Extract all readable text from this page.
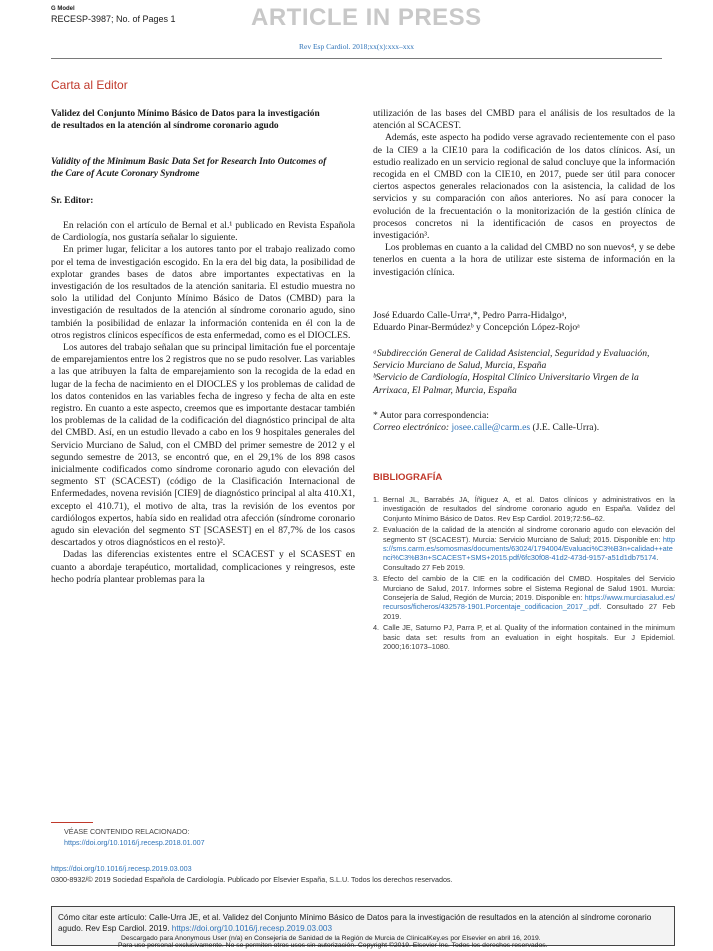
G Model
RECESP-3987; No. of Pages 1	ARTICLE IN PRESS
Rev Esp Cardiol. 2018;xx(x):xxx–xxx
Carta al Editor
Validez del Conjunto Mínimo Básico de Datos para la investigación de resultados en la atención al síndrome coronario agudo
Validity of the Minimum Basic Data Set for Research Into Outcomes of the Care of Acute Coronary Syndrome
Sr. Editor:

En relación con el artículo de Bernal et al.¹ publicado en Revista Española de Cardiología, nos gustaría señalar lo siguiente.

En primer lugar, felicitar a los autores tanto por el trabajo realizado como por el tema de investigación escogido. En la era del big data, la posibilidad de explotar grandes bases de datos abre importantes expectativas en la investigación de los resultados de la atención sanitaria. El estudio muestra no solo la utilidad del Conjunto Mínimo Básico de Datos (CMBD) para la investigación de resultados de la atención al síndrome coronario agudo, sino también la posibilidad de enlazar la información contenida en él con la de otros registros clínicos específicos de esta enfermedad, como es el DIOCLES.

Los autores del trabajo señalan que su principal limitación fue el porcentaje de emparejamientos entre los 2 registros que no se pudo resolver. Las variables a las que atribuyen la falta de emparejamiento son la recogida de la edad en lugar de la fecha de nacimiento en el DIOCLES y los problemas de calidad de los datos contenidos en las variables fecha de ingreso y fecha de alta en este registro. En cuanto a este aspecto, creemos que es importante destacar también los problemas de la calidad de la codificación del diagnóstico principal de alta del CMBD. Así, en un estudio llevado a cabo en los 9 hospitales generales del Servicio Murciano de Salud, con el CMBD del primer semestre de 2012 y el segundo semestre de 2013, se encontró que, en el 29,1% de los 898 casos inicialmente codificados como síndrome coronario agudo con elevación del segmento ST (SCACEST) (código de la Clasificación Internacional de Enfermedades, novena revisión [CIE9] de diagnóstico principal al alta 410.X1, excepto el 410.71), el motivo de alta, tras la revisión de los eventos por cardiólogos expertos, había sido en realidad otra afección (síndrome coronario agudo sin elevación del segmento ST [SCASEST] en el 87,7% de los casos descartados y otros diagnósticos en el resto)².

Dadas las diferencias existentes entre el SCACEST y el SCASEST en cuanto a abordaje terapéutico, mortalidad, complicaciones y reingresos, este hecho podría plantear problemas para la

utilización de las bases del CMBD para el análisis de los resultados de la atención al SCACEST.

Además, este aspecto ha podido verse agravado recientemente con el paso de la CIE9 a la CIE10 para la codificación de los datos clínicos. Así, un estudio realizado en un servicio regional de salud concluye que la información recogida en el CMBD con la CIE10, en 2017, puede ser útil para conocer ciertos aspectos generales relacionados con la asistencia, la calidad de los servicios y su comparación con años anteriores. No así para conocer la evolución de la frecuentación o la monitorización de la gestión clínica de procesos concretos ni la identificación de casos en proyectos de investigación³.

Los problemas en cuanto a la calidad del CMBD no son nuevos⁴, y se debe tenerlos en cuenta a la hora de utilizar este sistema de información en la investigación clínica.

José Eduardo Calle-Urraᵃ,*, Pedro Parra-Hidalgoᵃ,
Eduardo Pinar-Bermúdezᵇ y Concepción López-Rojoᵃ
ᵃSubdirección General de Calidad Asistencial, Seguridad y Evaluación, Servicio Murciano de Salud, Murcia, España
ᵇServicio de Cardiología, Hospital Clínico Universitario Virgen de la Arrixaca, El Palmar, Murcia, España
* Autor para correspondencia:
Correo electrónico: josee.calle@carm.es (J.E. Calle-Urra).
BIBLIOGRAFÍA
1. Bernal JL, Barrabés JA, Íñiguez A, et al. Datos clínicos y administrativos en la investigación de resultados del síndrome coronario agudo en España. Validez del Conjunto Mínimo Básico de Datos. Rev Esp Cardiol. 2019;72:56–62.
2. Evaluación de la calidad de la atención al síndrome coronario agudo con elevación del segmento ST (SCACEST). Murcia: Servicio Murciano de Salud; 2015. Disponible en: https://sms.carm.es/somosmas/documents/63024/1794004/Evaluaci%C3%B3n+calidad++atenci%C3%B3n+SCACEST+SMS+2015.pdf/6fc30f08-41d2-473d-9157-a51d1db75174. Consultado 27 Feb 2019.
3. Efecto del cambio de la CIE en la codificación del CMBD. Hospitales del Servicio Murciano de Salud, 2017. Informes sobre el Sistema Regional de Salud 1901. Murcia: Consejería de Salud, Región de Murcia; 2019. Disponible en: https://www.murciasalud.es/recursos/ficheros/432578-1901.Porcentaje_codificacion_2017_.pdf. Consultado 27 Feb 2019.
4. Calle JE, Saturno PJ, Parra P, et al. Quality of the information contained in the minimum basic data set: results from an evaluation in eight hospitals. Eur J Epidemiol. 2000;16:1073–1080.
VÉASE CONTENIDO RELACIONADO:
https://doi.org/10.1016/j.recesp.2018.01.007
https://doi.org/10.1016/j.recesp.2019.03.003
0300-8932/© 2019 Sociedad Española de Cardiología. Publicado por Elsevier España, S.L.U. Todos los derechos reservados.
Cómo citar este artículo: Calle-Urra JE, et al. Validez del Conjunto Mínimo Básico de Datos para la investigación de resultados en la atención al síndrome coronario agudo. Rev Esp Cardiol. 2019. https://doi.org/10.1016/j.recesp.2019.03.003
Descargado para Anonymous User (n/a) en Consejería de Sanidad de la Región de Murcia de ClinicalKey.es por Elsevier en abril 16, 2019.
Para uso personal exclusivamente. No se permiten otros usos sin autorización. Copyright ©2019. Elsevier Inc. Todos los derechos reservados.
